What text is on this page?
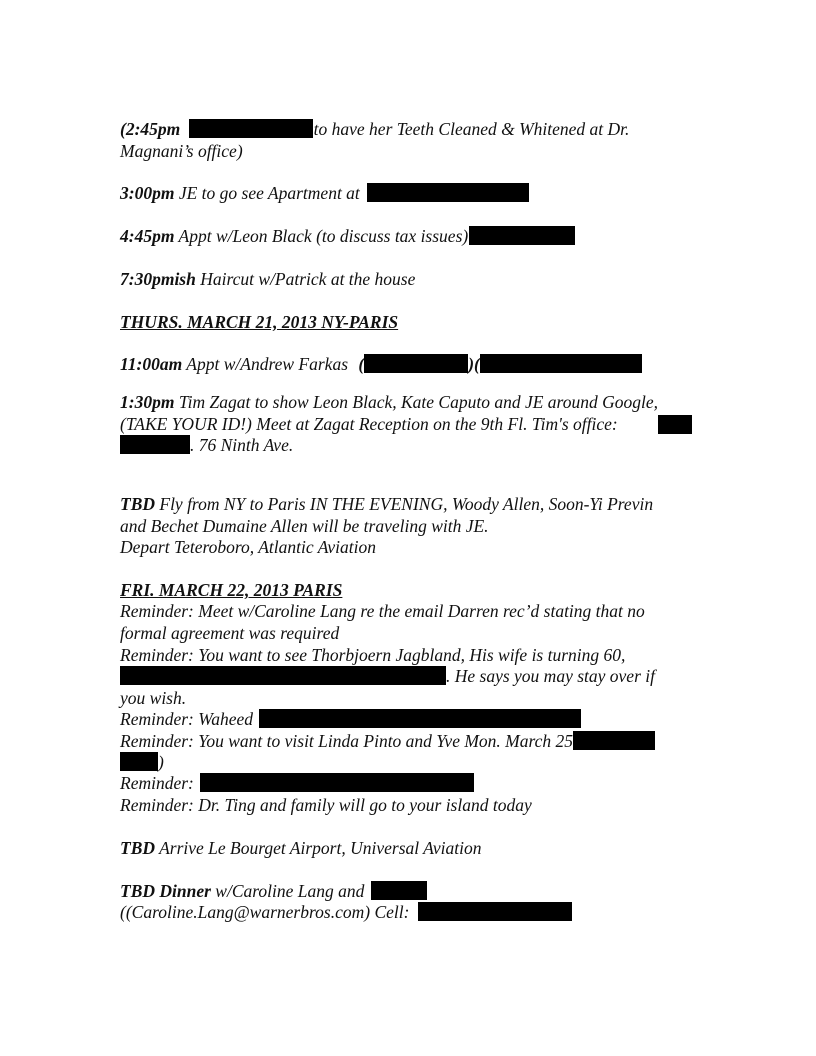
(2:45pm	to have her Teeth Cleaned & Whitened at Dr.
Magnani’s office)
3:00pm JE to go see Apartment at
4:45pm Appt w/Leon Black (to discuss tax issues)
7:30pmish Haircut w/Patrick at the house
THURS. MARCH 21, 2013 NY-PARIS
11:00am Appt w/Andrew Farkas (	)(
1:30pm Tim Zagat to show Leon Black, Kate Caputo and JE around Google,
(TAKE YOUR ID!) Meet at Zagat Reception on the 9th Fl. Tim's office:
. 76 Ninth Ave.
TBD Fly from NY to Paris IN THE EVENING, Woody Allen, Soon-Yi Previn
and Bechet Dumaine Allen will be traveling with JE.
Depart Teteroboro, Atlantic Aviation
FRI. MARCH 22, 2013 PARIS
Reminder: Meet w/Caroline Lang re the email Darren rec’d stating that no
formal agreement was required
Reminder: You want to see Thorbjoern Jagbland, His wife is turning 60,
. He says you may stay over if
you wish.
Reminder: Waheed
Reminder: You want to visit Linda Pinto and Yve Mon. March 25
)
Reminder:
Reminder: Dr. Ting and family will go to your island today
TBD Arrive Le Bourget Airport, Universal Aviation
TBD Dinner w/Caroline Lang and
((Caroline.Lang@warnerbros.com) Cell:
